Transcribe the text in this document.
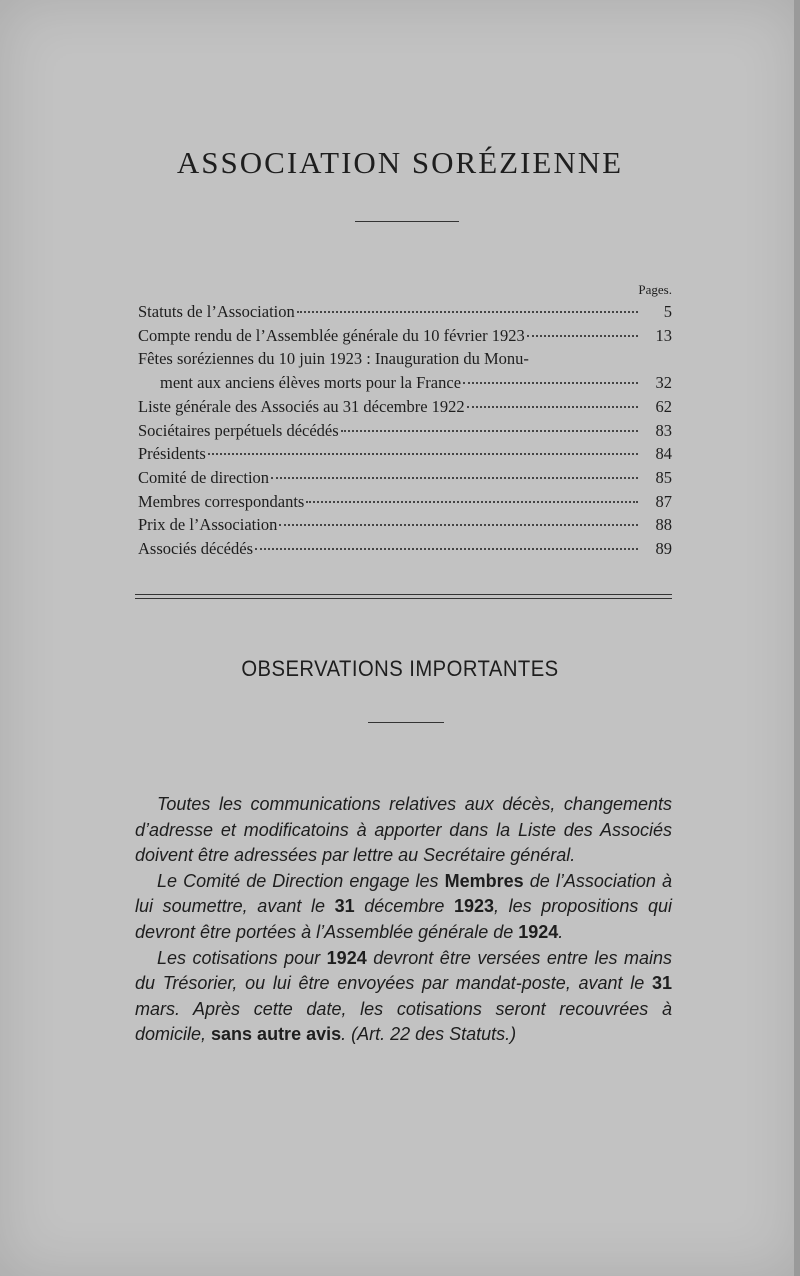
ASSOCIATION SORÉZIENNE
Pages.
Statuts de l’Association	5
Compte rendu de l’Assemblée générale du 10 février 1923	13
Fêtes soréziennes du 10 juin 1923 : Inauguration du Monu-
ment aux anciens élèves morts pour la France	32
Liste générale des Associés au 31 décembre 1922	62
Sociétaires perpétuels décédés	83
Présidents	84
Comité de direction	85
Membres correspondants	87
Prix de l’Association	88
Associés décédés	89
OBSERVATIONS IMPORTANTES

Toutes les communications relatives aux décès, changements d’adresse et modificatoins à apporter dans la Liste des Associés doivent être adressées par lettre au Secrétaire général.

Le Comité de Direction engage les Membres de l’Association à lui soumettre, avant le 31 décembre 1923, les propositions qui devront être portées à l’Assemblée générale de 1924.

Les cotisations pour 1924 devront être versées entre les mains du Trésorier, ou lui être envoyées par mandat-poste, avant le 31 mars. Après cette date, les cotisations seront recouvrées à domicile, sans autre avis. (Art. 22 des Statuts.)
